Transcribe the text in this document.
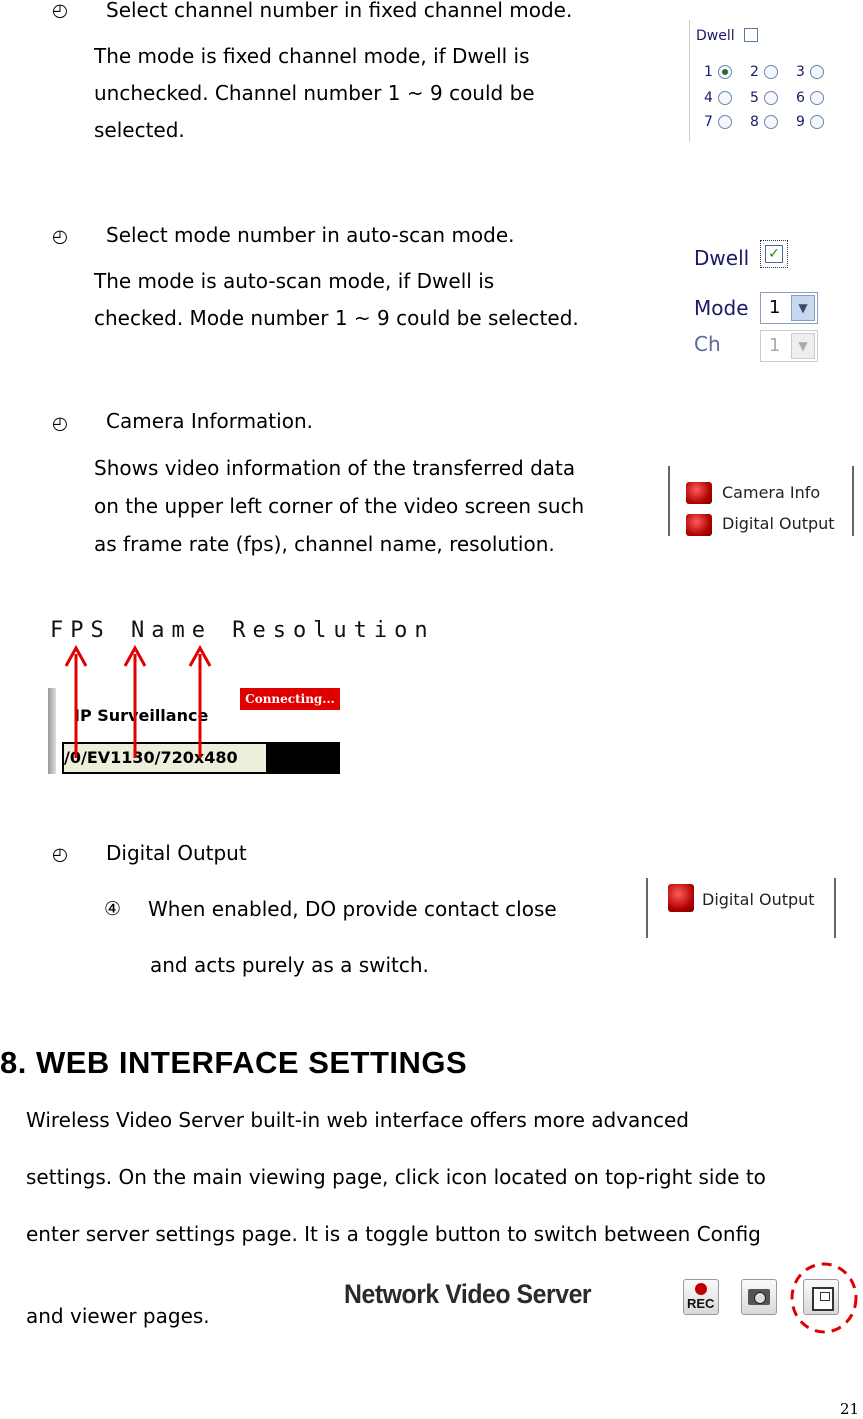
◴ Select channel number in fixed channel mode.
The mode is fixed channel mode, if Dwell is
unchecked. Channel number 1 ~ 9 could be
selected.
Dwell
1	2	3
4	5	6
7	8	9
◴ Select mode number in auto-scan mode.
The mode is auto-scan mode, if Dwell is
checked. Mode number 1 ~ 9 could be selected.
Dwell ✓
Mode 1	▼
Ch	1	▼
◴ Camera Information.
Shows video information of the transferred data
on the upper left corner of the video screen such
as frame rate (fps), channel name, resolution.
Camera Info
Digital Output
FPS Name Resolution
IP Surveillance
Connecting...
/0/EV1130/720x480
◴ Digital Output
④ When enabled, DO provide contact close
and acts purely as a switch.
Digital Output
8. WEB INTERFACE SETTINGS
Wireless Video Server built-in web interface offers more advanced
settings. On the main viewing page, click icon located on top-right side to
enter server settings page. It is a toggle button to switch between Config
and viewer pages.
Network Video Server	REC
21
